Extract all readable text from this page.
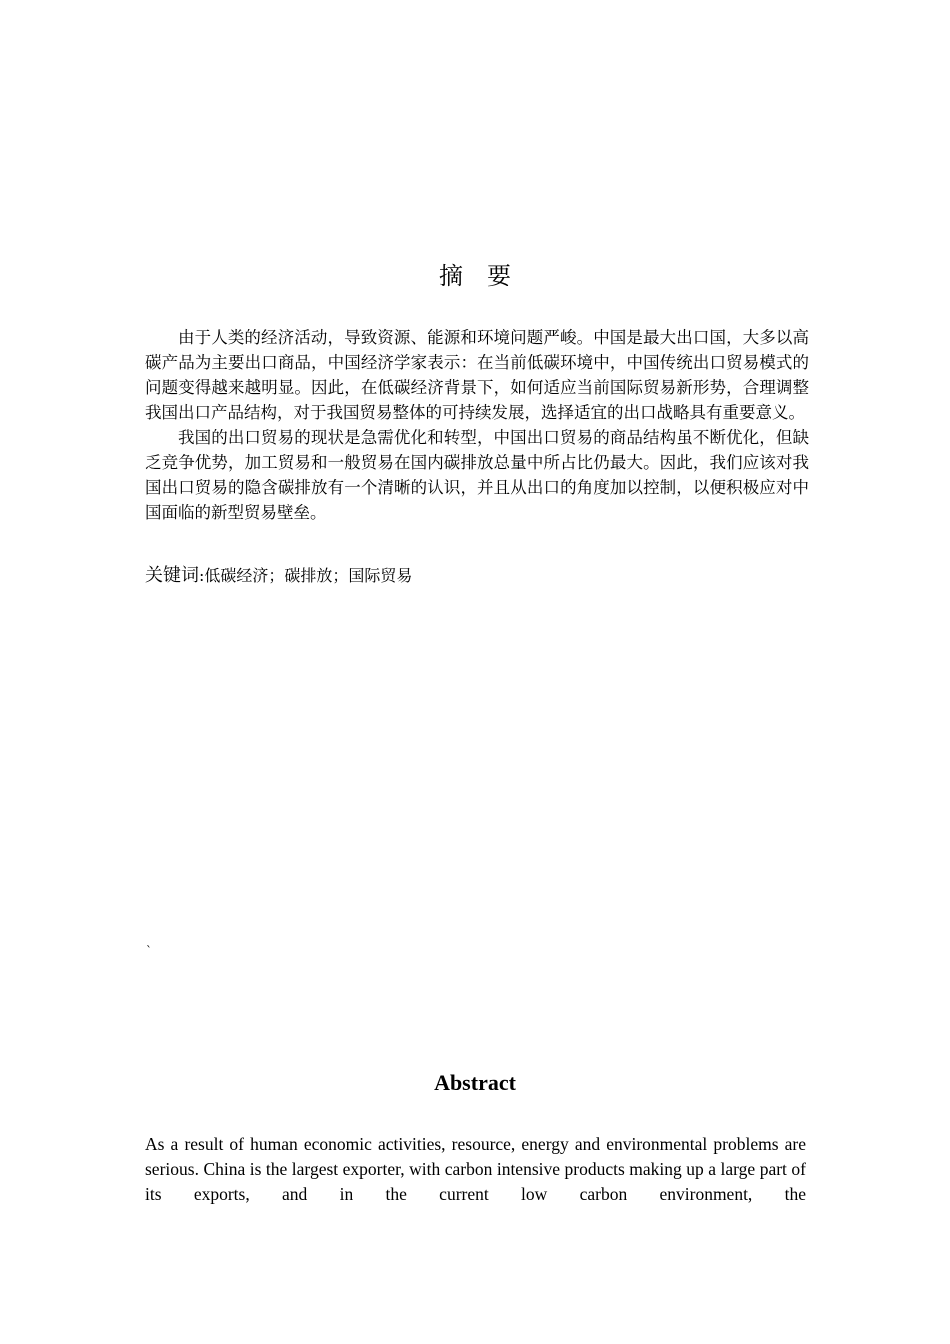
摘要

由于人类的经济活动，导致资源、能源和环境问题严峻。中国是最大出口国，大多以高碳产品为主要出口商品，中国经济学家表示：在当前低碳环境中，中国传统出口贸易模式的问题变得越来越明显。因此，在低碳经济背景下，如何适应当前国际贸易新形势，合理调整我国出口产品结构，对于我国贸易整体的可持续发展，选择适宜的出口战略具有重要意义。

我国的出口贸易的现状是急需优化和转型，中国出口贸易的商品结构虽不断优化，但缺乏竞争优势，加工贸易和一般贸易在国内碳排放总量中所占比仍最大。因此，我们应该对我国出口贸易的隐含碳排放有一个清晰的认识，并且从出口的角度加以控制，以便积极应对中国面临的新型贸易壁垒。

关键词:低碳经济；碳排放；国际贸易
`
Abstract

As a result of human economic activities, resource, energy and environmental problems are serious. China is the largest exporter, with carbon intensive products making up a large part of its exports, and in the current low carbon environment, the
